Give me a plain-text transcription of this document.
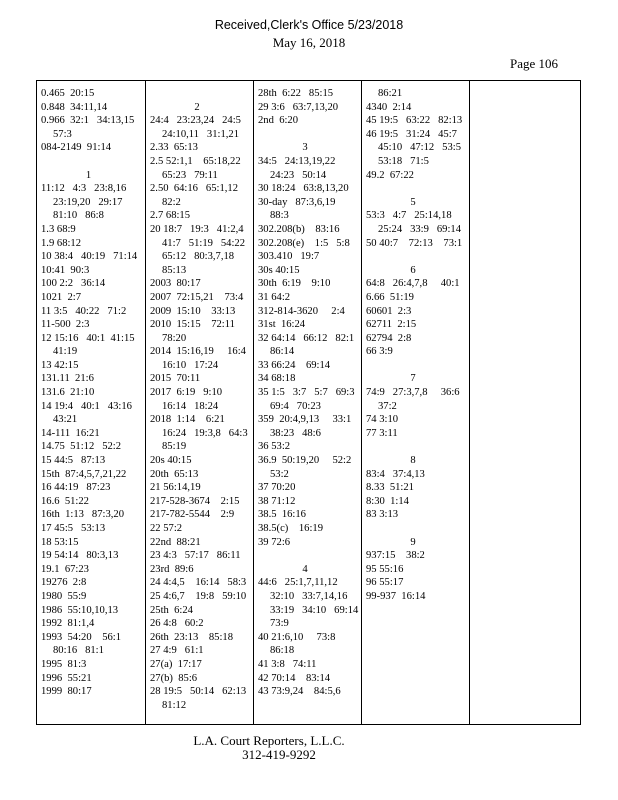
Received,Clerk's Office 5/23/2018
May 16, 2018
Page 106
0.465  20:15
0.848  34:11,14
0.966  32:1   34:13,15
57:3
084-2149  91:14

1
11:12   4:3   23:8,16
23:19,20   29:17
81:10   86:8
1.3 68:9
1.9 68:12
10 38:4   40:19   71:14
10:41  90:3
100 2:2   36:14
1021  2:7
11 3:5   40:22   71:2
11-500  2:3
12 15:16   40:1  41:15
41:19
13 42:15
131.11  21:6
131.6  21:10
14 19:4   40:1   43:16
43:21
14-111  16:21
14.75  51:12   52:2
15 44:5   87:13
15th  87:4,5,7,21,22
16 44:19   87:23
16.6  51:22
16th  1:13   87:3,20
17 45:5   53:13
18 53:15
19 54:14   80:3,13
19.1  67:23
19276  2:8
1980  55:9
1986  55:10,10,13
1992  81:1,4
1993  54:20    56:1
80:16   81:1
1995  81:3
1996  55:21
1999  80:17

2
24:4   23:23,24   24:5
24:10,11   31:1,21
2.33  65:13
2.5 52:1,1    65:18,22
65:23   79:11
2.50  64:16   65:1,12
82:2
2.7 68:15
20 18:7   19:3   41:2,4
41:7   51:19   54:22
65:12   80:3,7,18
85:13
2003  80:17
2007  72:15,21    73:4
2009  15:10    33:13
2010  15:15    72:11
78:20
2014  15:16,19     16:4
16:10   17:24
2015  70:11
2017  6:19   9:10
16:14   18:24
2018  1:14    6:21
16:24   19:3,8   64:3
85:19
20s 40:15
20th  65:13
21 56:14,19
217-528-3674    2:15
217-782-5544    2:9
22 57:2
22nd  88:21
23 4:3   57:17   86:11
23rd  89:6
24 4:4,5    16:14   58:3
25 4:6,7    19:8   59:10
25th  6:24
26 4:8   60:2
26th  23:13    85:18
27 4:9   61:1
27(a)  17:17
27(b)  85:6
28 19:5   50:14   62:13
81:12
28th  6:22   85:15
29 3:6   63:7,13,20
2nd  6:20

3
34:5   24:13,19,22
24:23   50:14
30 18:24   63:8,13,20
30-day   87:3,6,19
88:3
302.208(b)    83:16
302.208(e)    1:5   5:8
303.410   19:7
30s 40:15
30th  6:19    9:10
31 64:2
312-814-3620     2:4
31st  16:24
32 64:14   66:12   82:1
86:14
33 66:24    69:14
34 68:18
35 1:5   3:7   5:7   69:3
69:4   70:23
359  20:4,9,13     33:1
38:23   48:6
36 53:2
36.9  50:19,20     52:2
53:2
37 70:20
38 71:12
38.5  16:16
38.5(c)    16:19
39 72:6

4
44:6   25:1,7,11,12
32:10   33:7,14,16
33:19   34:10   69:14
73:9
40 21:6,10     73:8
86:18
41 3:8   74:11
42 70:14    83:14
43 73:9,24    84:5,6
86:21
4340  2:14
45 19:5   63:22   82:13
46 19:5   31:24   45:7
45:10   47:12   53:5
53:18   71:5
49.2  67:22

5
53:3   4:7   25:14,18
25:24   33:9   69:14
50 40:7    72:13    73:1

6
64:8   26:4,7,8     40:1
6.66  51:19
60601  2:3
62711  2:15
62794  2:8
66 3:9

7
74:9   27:3,7,8     36:6
37:2
74 3:10
77 3:11

8
83:4   37:4,13
8.33  51:21
8:30  1:14
83 3:13

9
937:15    38:2
95 55:16
96 55:17
99-937  16:14
L.A. Court Reporters, L.L.C.
312-419-9292
